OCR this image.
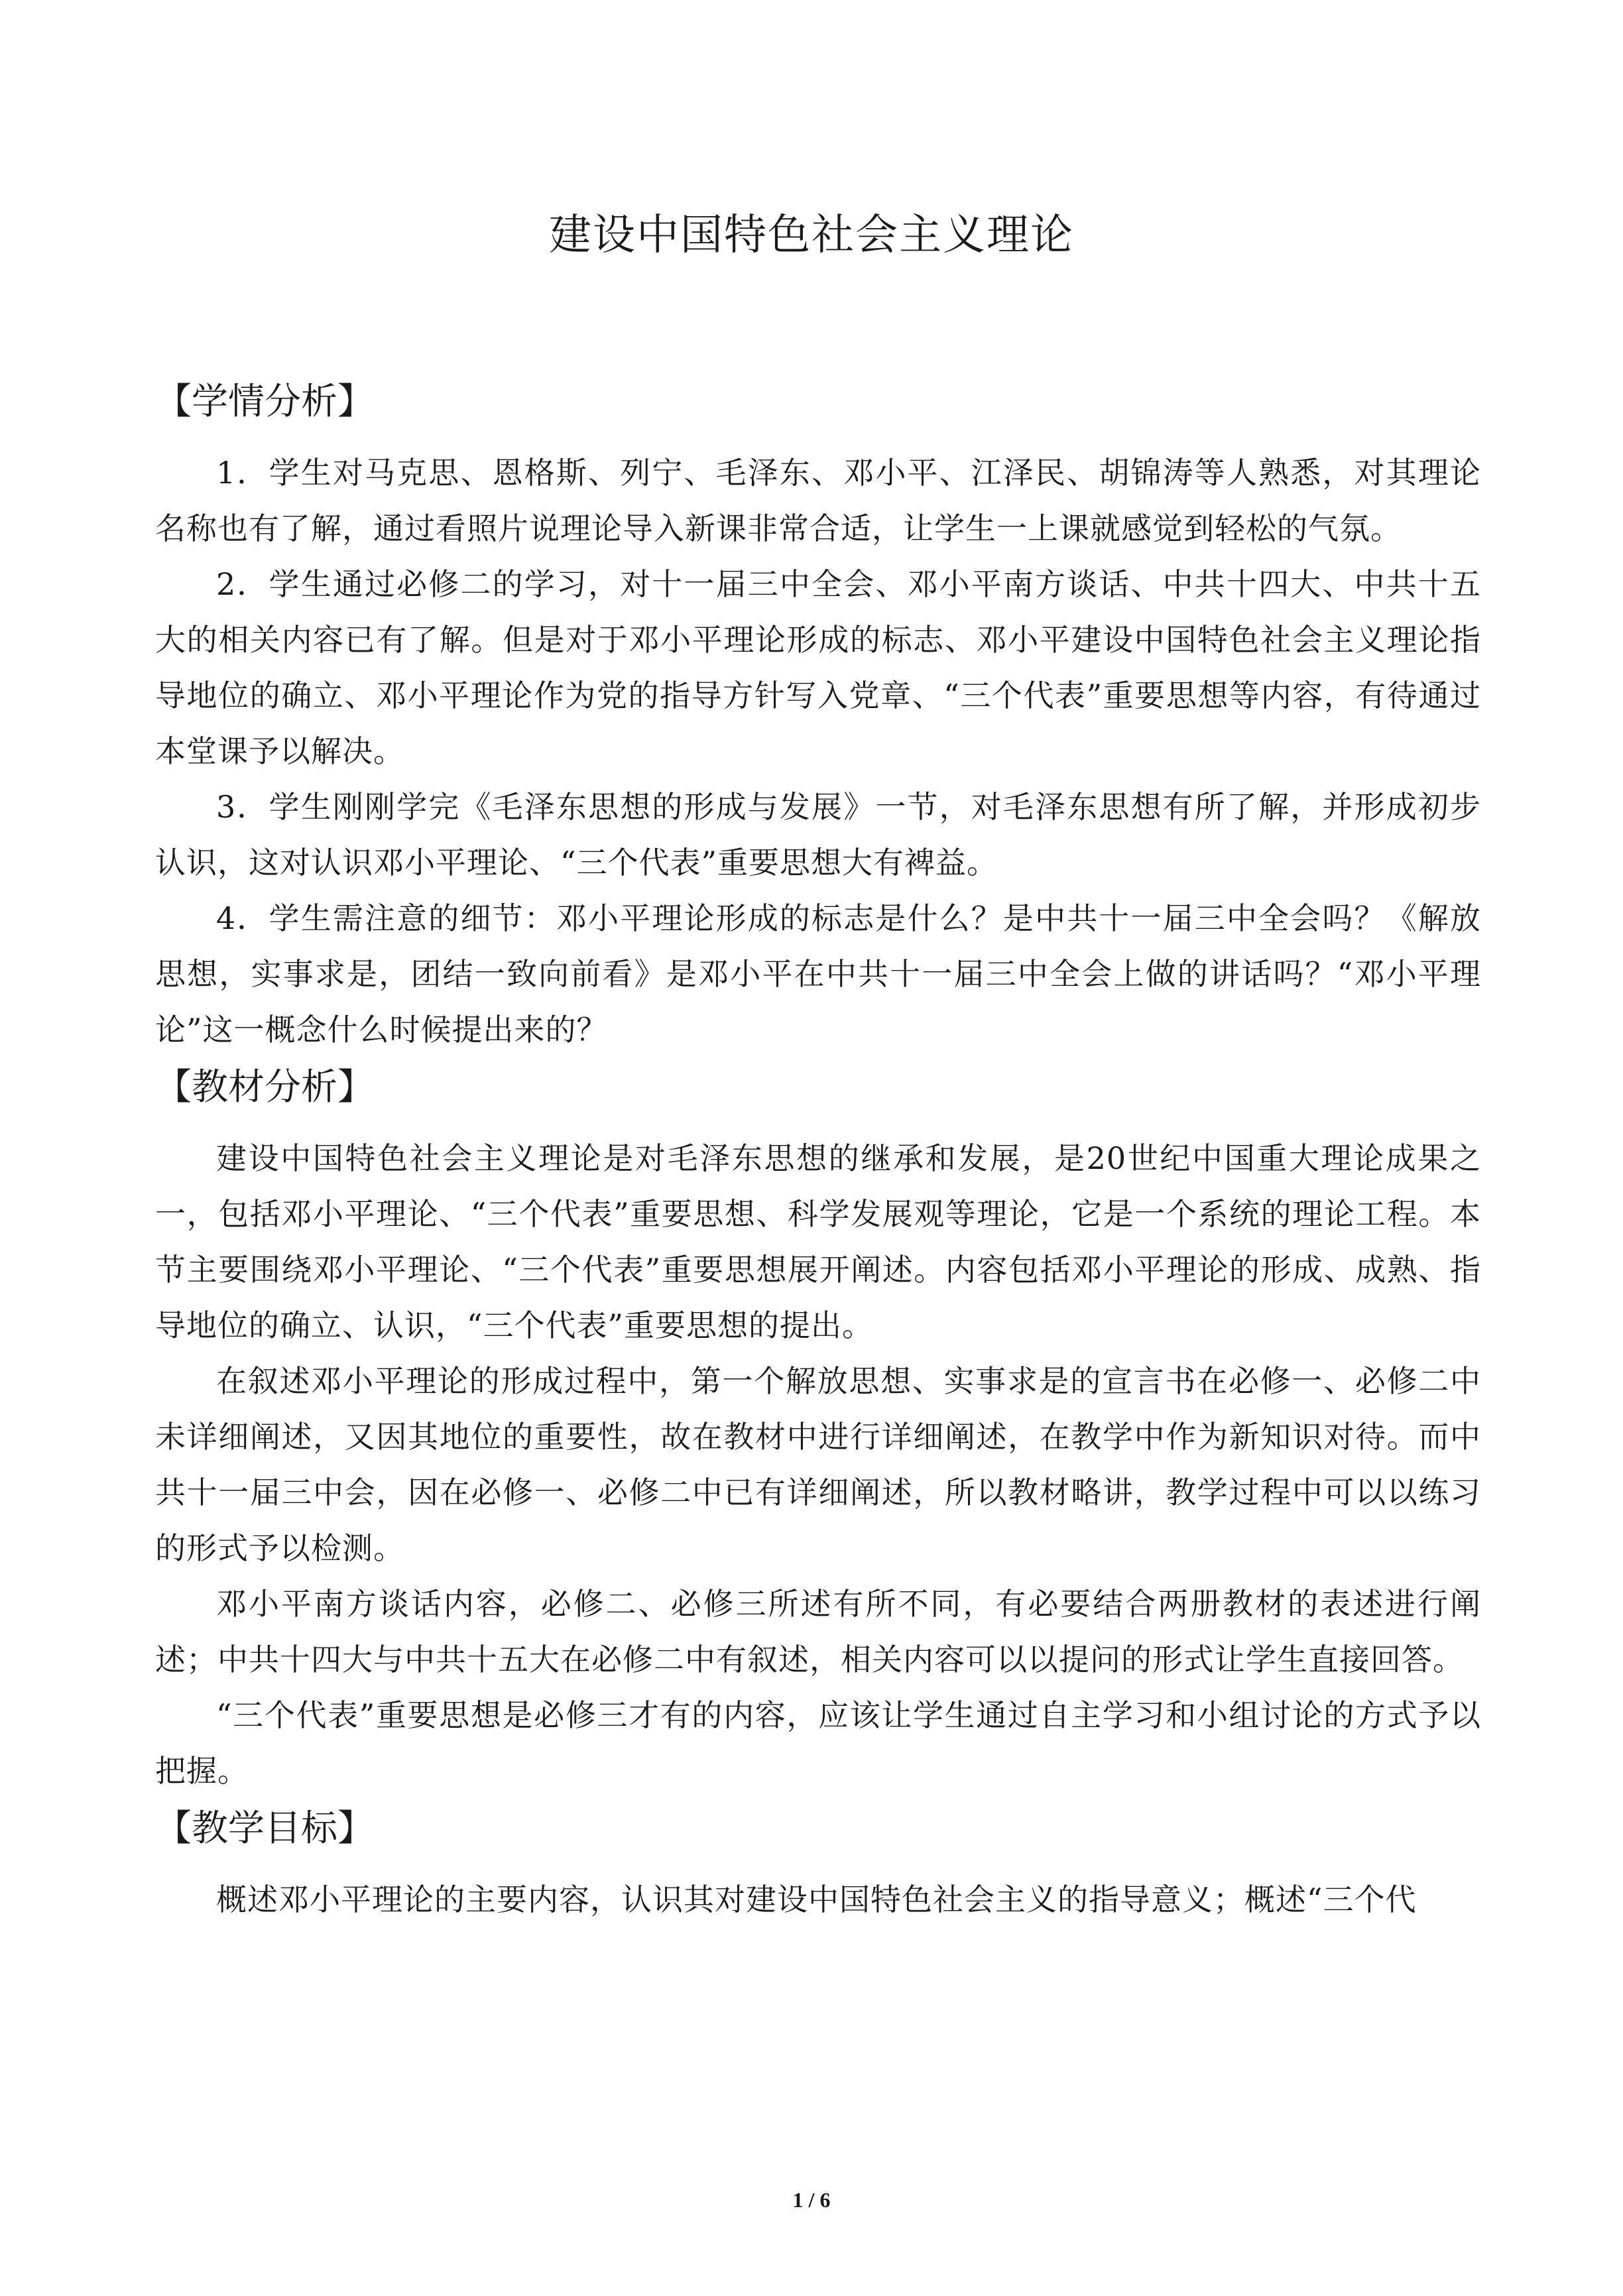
建设中国特色社会主义理论
【学情分析】

1．学生对马克思、恩格斯、列宁、毛泽东、邓小平、江泽民、胡锦涛等人熟悉，对其理论名称也有了解，通过看照片说理论导入新课非常合适，让学生一上课就感觉到轻松的气氛。

2．学生通过必修二的学习，对十一届三中全会、邓小平南方谈话、中共十四大、中共十五大的相关内容已有了解。但是对于邓小平理论形成的标志、邓小平建设中国特色社会主义理论指导地位的确立、邓小平理论作为党的指导方针写入党章、“三个代表”重要思想等内容，有待通过本堂课予以解决。

3．学生刚刚学完《毛泽东思想的形成与发展》一节，对毛泽东思想有所了解，并形成初步认识，这对认识邓小平理论、“三个代表”重要思想大有裨益。

4．学生需注意的细节：邓小平理论形成的标志是什么？是中共十一届三中全会吗？《解放思想，实事求是，团结一致向前看》是邓小平在中共十一届三中全会上做的讲话吗？“邓小平理论”这一概念什么时候提出来的？

【教材分析】

建设中国特色社会主义理论是对毛泽东思想的继承和发展，是20世纪中国重大理论成果之一，包括邓小平理论、“三个代表”重要思想、科学发展观等理论，它是一个系统的理论工程。本节主要围绕邓小平理论、“三个代表”重要思想展开阐述。内容包括邓小平理论的形成、成熟、指导地位的确立、认识，“三个代表”重要思想的提出。

在叙述邓小平理论的形成过程中，第一个解放思想、实事求是的宣言书在必修一、必修二中未详细阐述，又因其地位的重要性，故在教材中进行详细阐述，在教学中作为新知识对待。而中共十一届三中会，因在必修一、必修二中已有详细阐述，所以教材略讲，教学过程中可以以练习的形式予以检测。

邓小平南方谈话内容，必修二、必修三所述有所不同，有必要结合两册教材的表述进行阐述；中共十四大与中共十五大在必修二中有叙述，相关内容可以以提问的形式让学生直接回答。

“三个代表”重要思想是必修三才有的内容，应该让学生通过自主学习和小组讨论的方式予以把握。

【教学目标】

概述邓小平理论的主要内容，认识其对建设中国特色社会主义的指导意义；概述“三个代

1 / 6
